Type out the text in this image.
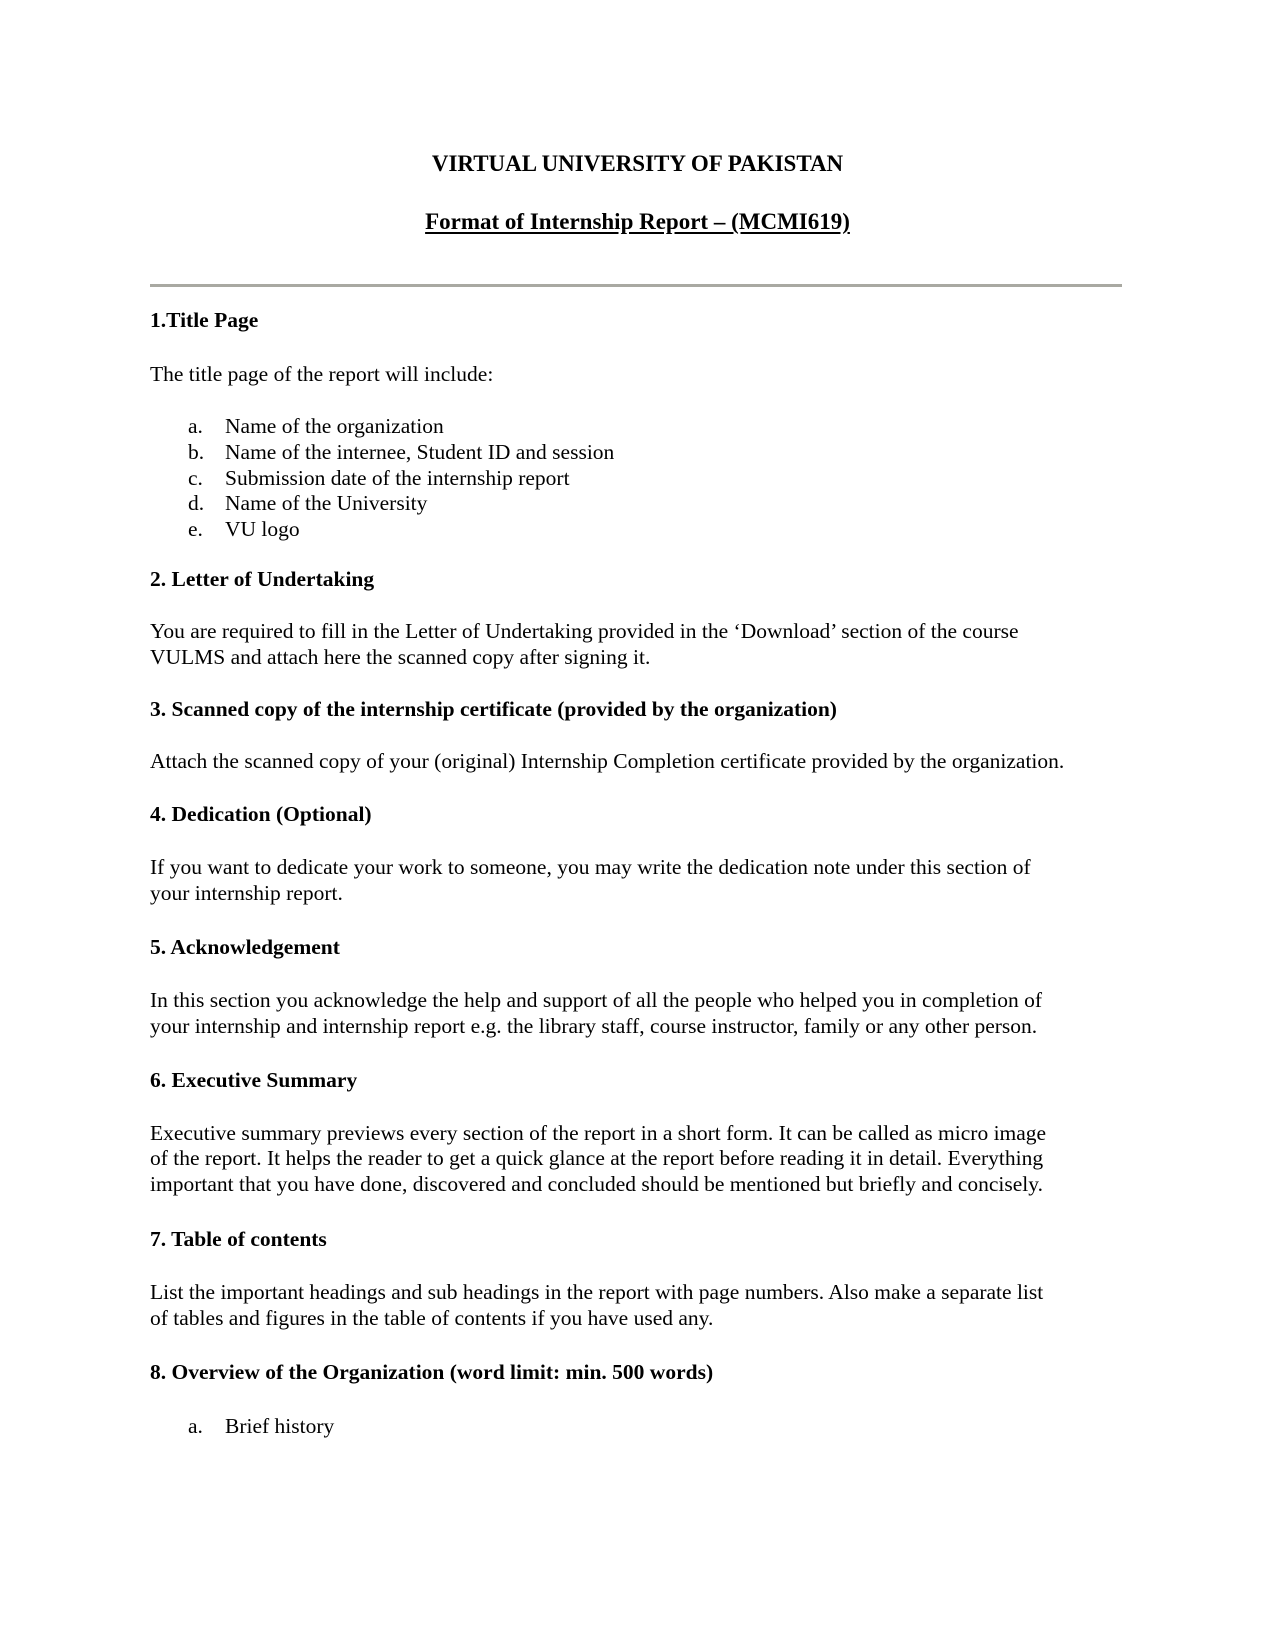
VIRTUAL UNIVERSITY OF PAKISTAN
Format of Internship Report – (MCMI619)
1.Title Page
The title page of the report will include:
a. Name of the organization
b. Name of the internee, Student ID and session
c. Submission date of the internship report
d. Name of the University
e. VU logo
2. Letter of Undertaking
You are required to fill in the Letter of Undertaking provided in the ‘Download’ section of the course
VULMS and attach here the scanned copy after signing it.
3. Scanned copy of the internship certificate (provided by the organization)
Attach the scanned copy of your (original) Internship Completion certificate provided by the organization.
4. Dedication (Optional)
If you want to dedicate your work to someone, you may write the dedication note under this section of
your internship report.
5. Acknowledgement
In this section you acknowledge the help and support of all the people who helped you in completion of
your internship and internship report e.g. the library staff, course instructor, family or any other person.
6. Executive Summary
Executive summary previews every section of the report in a short form. It can be called as micro image
of the report. It helps the reader to get a quick glance at the report before reading it in detail. Everything
important that you have done, discovered and concluded should be mentioned but briefly and concisely.
7. Table of contents
List the important headings and sub headings in the report with page numbers. Also make a separate list
of tables and figures in the table of contents if you have used any.
8. Overview of the Organization (word limit: min. 500 words)
a. Brief history
